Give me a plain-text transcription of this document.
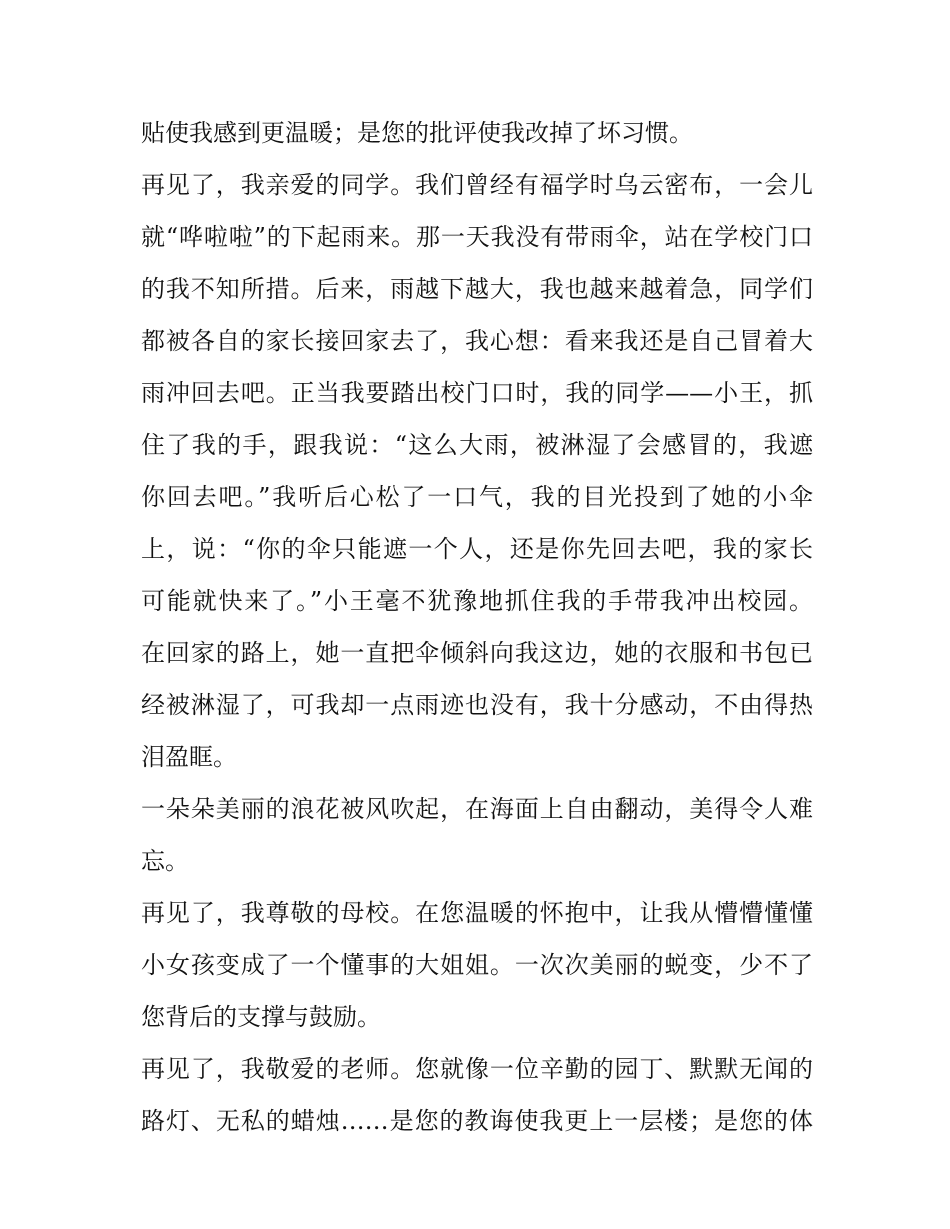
贴使我感到更温暖；是您的批评使我改掉了坏习惯。
再见了，我亲爱的同学。我们曾经有福学时乌云密布，一会儿
就“哗啦啦”的下起雨来。那一天我没有带雨伞，站在学校门口
的我不知所措。后来，雨越下越大，我也越来越着急，同学们
都被各自的家长接回家去了，我心想：看来我还是自己冒着大
雨冲回去吧。正当我要踏出校门口时，我的同学——小王，抓
住了我的手，跟我说：“这么大雨，被淋湿了会感冒的，我遮
你回去吧。”我听后心松了一口气，我的目光投到了她的小伞
上，说：“你的伞只能遮一个人，还是你先回去吧，我的家长
可能就快来了。”小王毫不犹豫地抓住我的手带我冲出校园。
在回家的路上，她一直把伞倾斜向我这边，她的衣服和书包已
经被淋湿了，可我却一点雨迹也没有，我十分感动，不由得热
泪盈眶。
一朵朵美丽的浪花被风吹起，在海面上自由翻动，美得令人难
忘。
再见了，我尊敬的母校。在您温暖的怀抱中，让我从懵懵懂懂
小女孩变成了一个懂事的大姐姐。一次次美丽的蜕变，少不了
您背后的支撑与鼓励。
再见了，我敬爱的老师。您就像一位辛勤的园丁、默默无闻的
路灯、无私的蜡烛……是您的教诲使我更上一层楼；是您的体
